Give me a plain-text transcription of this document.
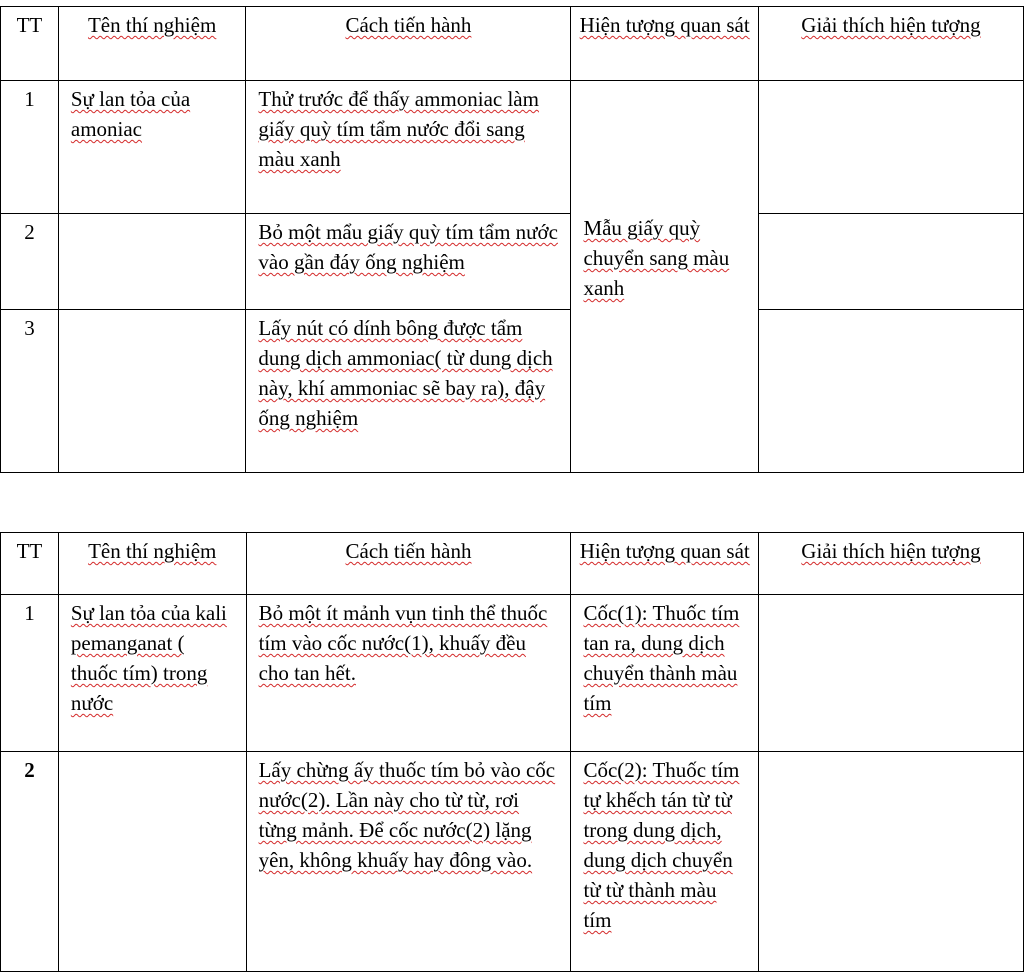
TT	Tên thí nghiệm	Cách tiến hành	Hiện tượng quan sát	Giải thích hiện tượng
1	Sự lan tỏa của amoniac	Thử trước để thấy ammoniac làm giấy quỳ tím tẩm nước đổi sang màu xanh	Mẫu giấy quỳ chuyển sang màu xanh	
2		Bỏ một mẩu giấy quỳ tím tẩm nước vào gần đáy ống nghiệm		
3		Lấy nút có dính bông được tẩm dung dịch ammoniac( từ dung dịch này, khí ammoniac sẽ bay ra), đậy ống nghiệm		
TT	Tên thí nghiệm	Cách tiến hành	Hiện tượng quan sát	Giải thích hiện tượng
1	Sự lan tỏa của kali pemanganat ( thuốc tím) trong nước	Bỏ một ít mảnh vụn tinh thể thuốc tím vào cốc nước(1), khuấy đều cho tan hết.	Cốc(1): Thuốc tím tan ra, dung dịch chuyển thành màu tím	
2		Lấy chừng ấy thuốc tím bỏ vào cốc nước(2). Lần này cho từ từ, rơi từng mảnh. Để cốc nước(2) lặng yên, không khuấy hay đông vào.	Cốc(2): Thuốc tím tự khếch tán từ từ trong dung dịch, dung dịch chuyển từ từ thành màu tím	
